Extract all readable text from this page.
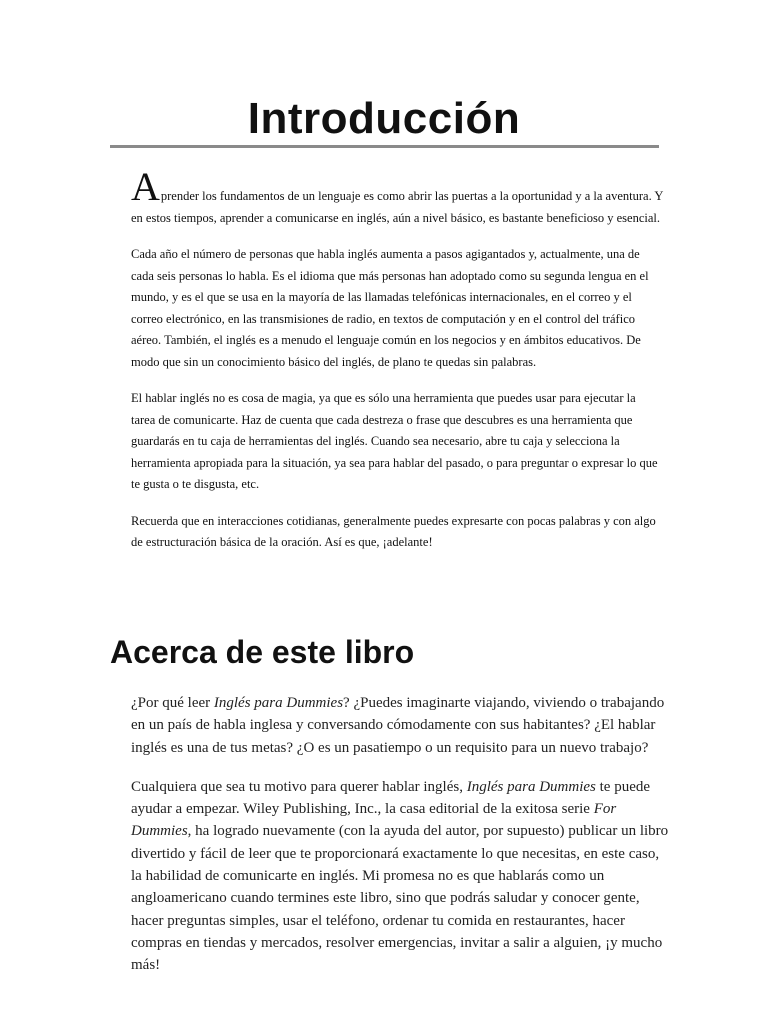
Introducción

Aprender los fundamentos de un lenguaje es como abrir las puertas a la oportunidad y a la aventura. Y en estos tiempos, aprender a comunicarse en inglés, aún a nivel básico, es bastante beneficioso y esencial.

Cada año el número de personas que habla inglés aumenta a pasos agigantados y, actualmente, una de cada seis personas lo habla. Es el idioma que más personas han adoptado como su segunda lengua en el mundo, y es el que se usa en la mayoría de las llamadas telefónicas internacionales, en el correo y el correo electrónico, en las transmisiones de radio, en textos de computación y en el control del tráfico aéreo. También, el inglés es a menudo el lenguaje común en los negocios y en ámbitos educativos. De modo que sin un conocimiento básico del inglés, de plano te quedas sin palabras.

El hablar inglés no es cosa de magia, ya que es sólo una herramienta que puedes usar para ejecutar la tarea de comunicarte. Haz de cuenta que cada destreza o frase que descubres es una herramienta que guardarás en tu caja de herramientas del inglés. Cuando sea necesario, abre tu caja y selecciona la herramienta apropiada para la situación, ya sea para hablar del pasado, o para preguntar o expresar lo que te gusta o te disgusta, etc.

Recuerda que en interacciones cotidianas, generalmente puedes expresarte con pocas palabras y con algo de estructuración básica de la oración. Así es que, ¡adelante!

Acerca de este libro

¿Por qué leer Inglés para Dummies? ¿Puedes imaginarte viajando, viviendo o trabajando en un país de habla inglesa y conversando cómodamente con sus habitantes? ¿El hablar inglés es una de tus metas? ¿O es un pasatiempo o un requisito para un nuevo trabajo?

Cualquiera que sea tu motivo para querer hablar inglés, Inglés para Dummies te puede ayudar a empezar. Wiley Publishing, Inc., la casa editorial de la exitosa serie For Dummies, ha logrado nuevamente (con la ayuda del autor, por supuesto) publicar un libro divertido y fácil de leer que te proporcionará exactamente lo que necesitas, en este caso, la habilidad de comunicarte en inglés. Mi promesa no es que hablarás como un angloamericano cuando termines este libro, sino que podrás saludar y conocer gente, hacer preguntas simples, usar el teléfono, ordenar tu comida en restaurantes, hacer compras en tiendas y mercados, resolver emergencias, invitar a salir a alguien, ¡y mucho más!
